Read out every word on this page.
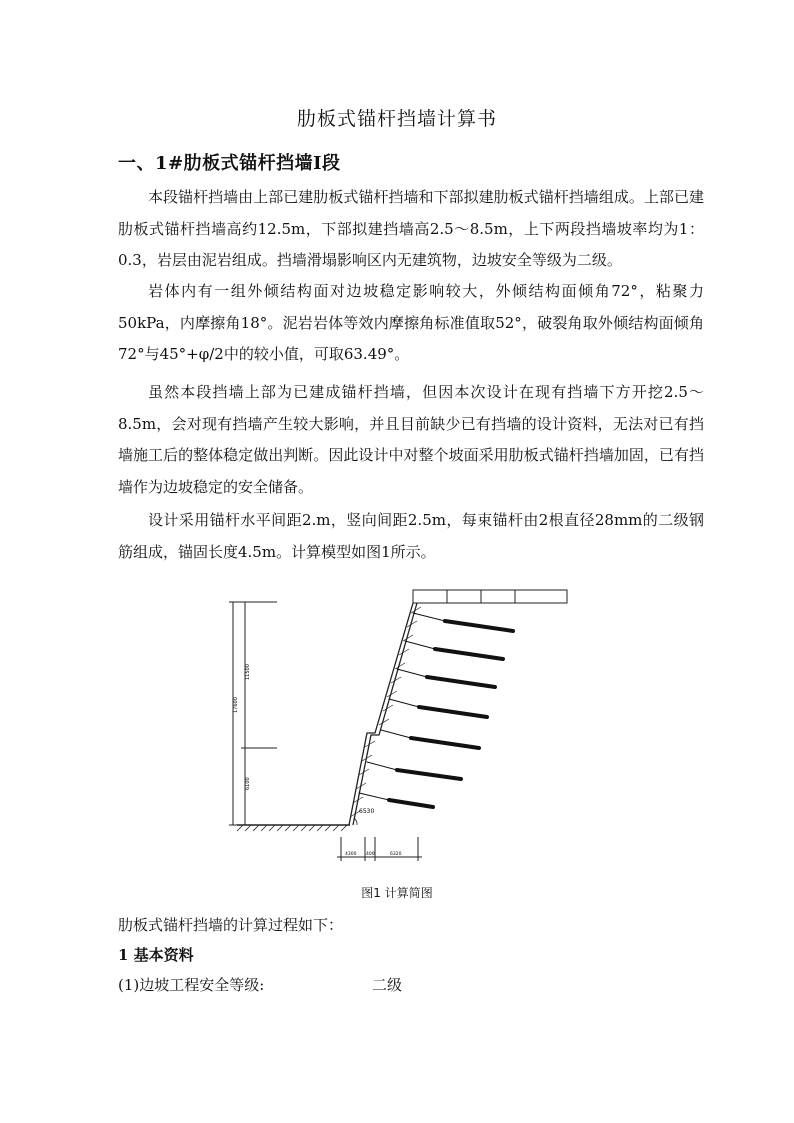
肋板式锚杆挡墙计算书
一、1#肋板式锚杆挡墙Ⅰ段

本段锚杆挡墙由上部已建肋板式锚杆挡墙和下部拟建肋板式锚杆挡墙组成。上部已建肋板式锚杆挡墙高约12.5m，下部拟建挡墙高2.5～8.5m，上下两段挡墙坡率均为1：0.3，岩层由泥岩组成。挡墙滑塌影响区内无建筑物，边坡安全等级为二级。

岩体内有一组外倾结构面对边坡稳定影响较大，外倾结构面倾角72°，粘聚力50kPa，内摩擦角18°。泥岩岩体等效内摩擦角标准值取52°，破裂角取外倾结构面倾角72°与45°+φ/2中的较小值，可取63.49°。

虽然本段挡墙上部为已建成锚杆挡墙，但因本次设计在现有挡墙下方开挖2.5～8.5m，会对现有挡墙产生较大影响，并且目前缺少已有挡墙的设计资料，无法对已有挡墙施工后的整体稳定做出判断。因此设计中对整个坡面采用肋板式锚杆挡墙加固，已有挡墙作为边坡稳定的安全储备。

设计采用锚杆水平间距2.m，竖向间距2.5m，每束锚杆由2根直径28mm的二级钢筋组成，锚固长度4.5m。计算模型如图1所示。

17600
11500
6100
6530
4300 400	6320
图1 计算简图
肋板式锚杆挡墙的计算过程如下：
1 基本资料
(1)边坡工程安全等级:	二级
